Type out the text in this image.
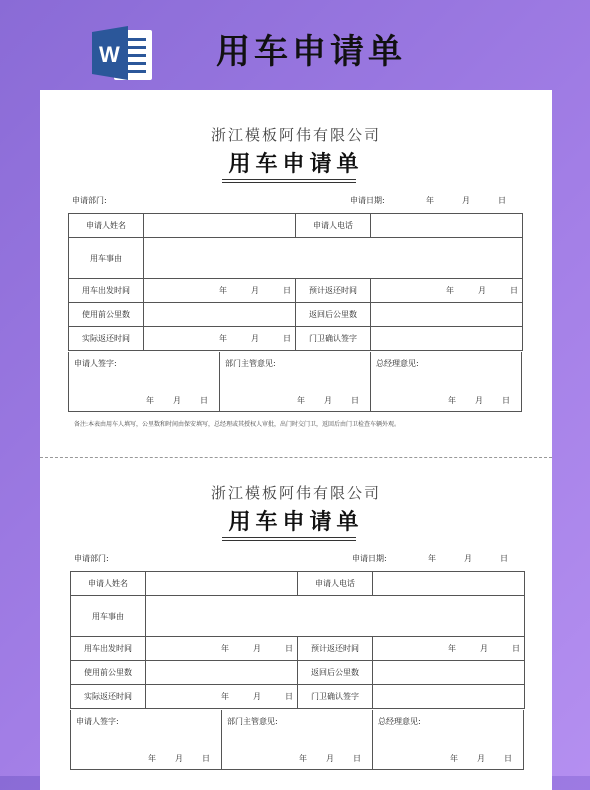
W	用车申请单
浙江模板阿伟有限公司
用车申请单
申请部门:	申请日期:	年	月	日
申请人姓名		申请人电话	
用车事由			
用车出发时间	年 月 日	预计返还时间	年 月 日

使用前公里数		返回后公里数	
实际返还时间	年 月 日	门卫确认签字	
申请人签字:
年 月 日
部门主管意见:
年 月 日
总经理意见:
年 月 日
备注:本表由用车人填写，公里数和时间由保安填写，总经理或其授权人审批，出门时交门卫，返回后由门卫检查车辆外观。
浙江模板阿伟有限公司
用车申请单
申请部门:	申请日期:	年	月	日
申请人姓名		申请人电话	
用车事由			
用车出发时间	年 月 日	预计返还时间	年 月 日

使用前公里数		返回后公里数	
实际返还时间	年 月 日	门卫确认签字	
申请人签字:
年 月 日
部门主管意见:
年 月 日
总经理意见:
年 月 日
